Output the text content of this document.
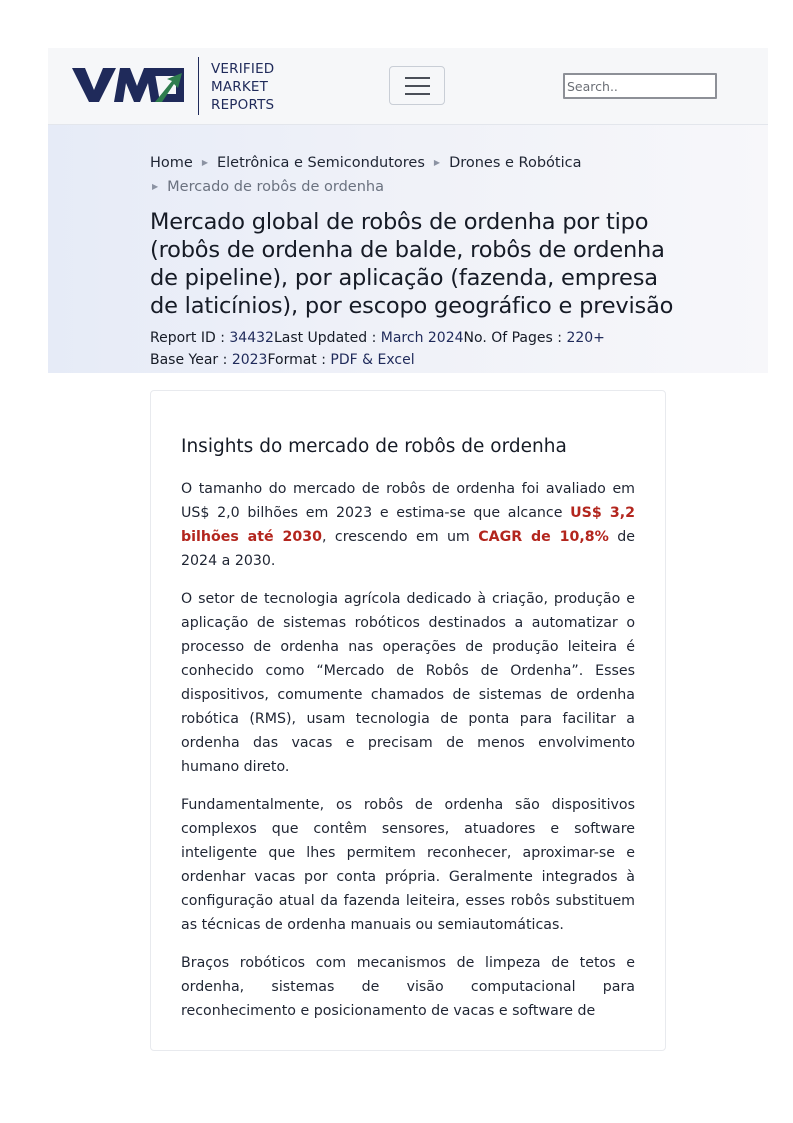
VERIFIED
MARKET
REPORTS
Search..
Home ▶ Eletrônica e Semicondutores ▶ Drones e Robótica
▶ Mercado de robôs de ordenha
Mercado global de robôs de ordenha por tipo (robôs de ordenha de balde, robôs de ordenha de pipeline), por aplicação (fazenda, empresa de laticínios), por escopo geográfico e previsão
Report ID : 34432Last Updated : March 2024No. Of Pages : 220+
Base Year : 2023Format : PDF & Excel
Insights do mercado de robôs de ordenha

O tamanho do mercado de robôs de ordenha foi avaliado em US$ 2,0 bilhões em 2023 e estima-se que alcance US$ 3,2 bilhões até 2030, crescendo em um CAGR de 10,8% de 2024 a 2030.

O setor de tecnologia agrícola dedicado à criação, produção e aplicação de sistemas robóticos destinados a automatizar o processo de ordenha nas operações de produção leiteira é conhecido como “Mercado de Robôs de Ordenha”. Esses dispositivos, comumente chamados de sistemas de ordenha robótica (RMS), usam tecnologia de ponta para facilitar a ordenha das vacas e precisam de menos envolvimento humano direto.

Fundamentalmente, os robôs de ordenha são dispositivos complexos que contêm sensores, atuadores e software inteligente que lhes permitem reconhecer, aproximar-se e ordenhar vacas por conta própria. Geralmente integrados à configuração atual da fazenda leiteira, esses robôs substituem as técnicas de ordenha manuais ou semiautomáticas.

Braços robóticos com mecanismos de limpeza de tetos e ordenha, sistemas de visão computacional para reconhecimento e posicionamento de vacas e software de
